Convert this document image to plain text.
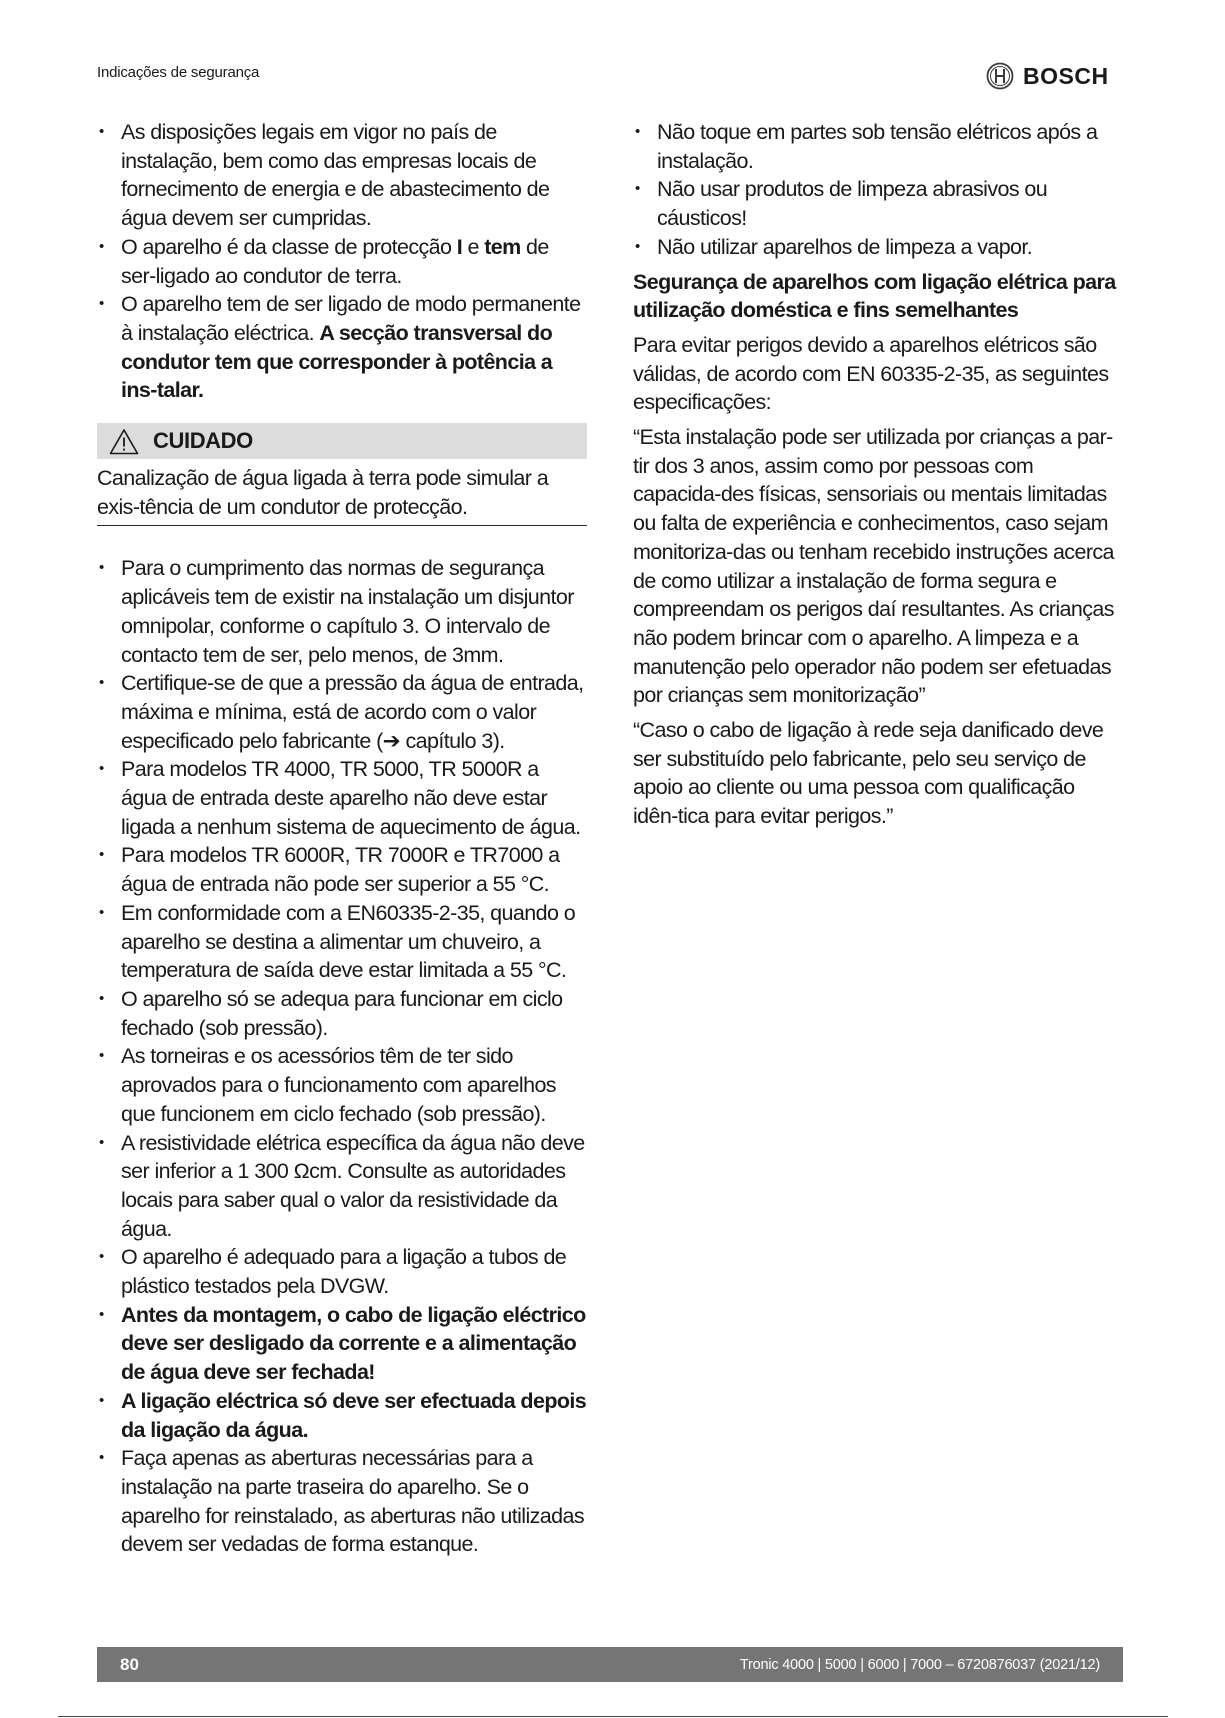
Indicações de segurança	BOSCH
• As disposições legais em vigor no país de instalação, bem como das empresas locais de fornecimento de energia e de abastecimento de água devem ser cumpridas.
• O aparelho é da classe de protecção I e tem de ser-ligado ao condutor de terra.
• O aparelho tem de ser ligado de modo permanente à instalação eléctrica. A secção transversal do condutor tem que corresponder à potência a ins-talar.
CUIDADO
Canalização de água ligada à terra pode simular a exis-tência de um condutor de protecção.
• Para o cumprimento das normas de segurança aplicáveis tem de existir na instalação um disjuntor omnipolar, conforme o capítulo 3. O intervalo de contacto tem de ser, pelo menos, de 3mm.
• Certifique-se de que a pressão da água de entrada, máxima e mínima, está de acordo com o valor especificado pelo fabricante (➔ capítulo 3).
• Para modelos TR 4000, TR 5000, TR 5000R a água de entrada deste aparelho não deve estar ligada a nenhum sistema de aquecimento de água.
• Para modelos TR 6000R, TR 7000R e TR7000 a água de entrada não pode ser superior a 55 °C.
• Em conformidade com a EN60335-2-35, quando o aparelho se destina a alimentar um chuveiro, a temperatura de saída deve estar limitada a 55 °C.
• O aparelho só se adequa para funcionar em ciclo fechado (sob pressão).
• As torneiras e os acessórios têm de ter sido aprovados para o funcionamento com aparelhos que funcionem em ciclo fechado (sob pressão).
• A resistividade elétrica específica da água não deve ser inferior a 1 300 Ωcm. Consulte as autoridades locais para saber qual o valor da resistividade da água.
• O aparelho é adequado para a ligação a tubos de plástico testados pela DVGW.
• Antes da montagem, o cabo de ligação eléctrico deve ser desligado da corrente e a alimentação de água deve ser fechada!
• A ligação eléctrica só deve ser efectuada depois da ligação da água.
• Faça apenas as aberturas necessárias para a instalação na parte traseira do aparelho. Se o aparelho for reinstalado, as aberturas não utilizadas devem ser vedadas de forma estanque.
• Não toque em partes sob tensão elétricos após a instalação.
• Não usar produtos de limpeza abrasivos ou cáusticos!
• Não utilizar aparelhos de limpeza a vapor.
Segurança de aparelhos com ligação elétrica para utilização doméstica e fins semelhantes

Para evitar perigos devido a aparelhos elétricos são válidas, de acordo com EN 60335-2-35, as seguintes especificações:

“Esta instalação pode ser utilizada por crianças a par-tir dos 3 anos, assim como por pessoas com capacida-des físicas, sensoriais ou mentais limitadas ou falta de experiência e conhecimentos, caso sejam monitoriza-das ou tenham recebido instruções acerca de como utilizar a instalação de forma segura e compreendam os perigos daí resultantes. As crianças não podem brincar com o aparelho. A limpeza e a manutenção pelo operador não podem ser efetuadas por crianças sem monitorização”

“Caso o cabo de ligação à rede seja danificado deve ser substituído pelo fabricante, pelo seu serviço de apoio ao cliente ou uma pessoa com qualificação idên-tica para evitar perigos.”

80	Tronic 4000 | 5000 | 6000 | 7000 – 6720876037 (2021/12)
